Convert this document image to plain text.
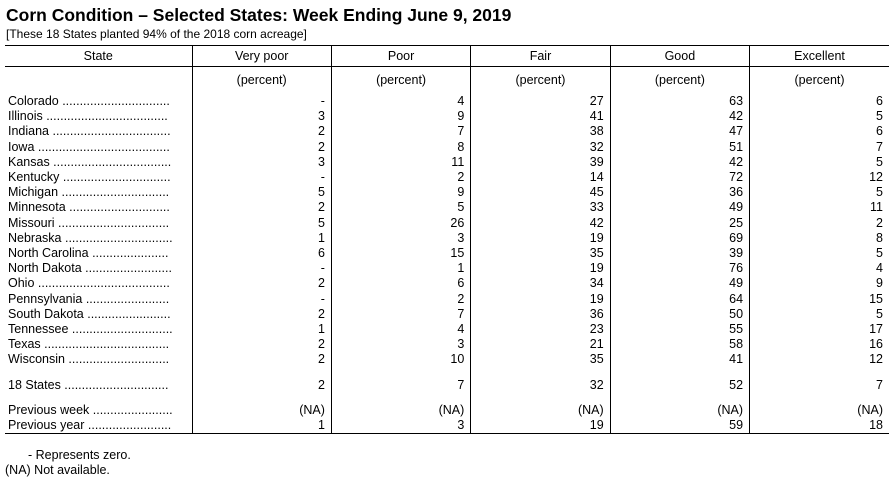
Corn Condition – Selected States: Week Ending June 9, 2019
[These 18 States planted 94% of the 2018 corn acreage]
State	Very poor	Poor	Fair	Good	Excellent
	(percent)	(percent)	(percent)	(percent)	(percent)
Colorado ...............................	-	4	27	63	6
Illinois ...................................	3	9	41	42	5
Indiana ..................................	2	7	38	47	6
Iowa ......................................	2	8	32	51	7
Kansas ..................................	3	11	39	42	5
Kentucky ...............................	-	2	14	72	12
Michigan ...............................	5	9	45	36	5
Minnesota .............................	2	5	33	49	11
Missouri ................................	5	26	42	25	2
Nebraska ...............................	1	3	19	69	8
North Carolina ......................	6	15	35	39	5
North Dakota .........................	-	1	19	76	4
Ohio ......................................	2	6	34	49	9
Pennsylvania ........................	-	2	19	64	15
South Dakota ........................	2	7	36	50	5
Tennessee .............................	1	4	23	55	17
Texas ....................................	2	3	21	58	16
Wisconsin .............................	2	10	35	41	12

18 States ..............................	2	7	32	52	7

Previous week .......................	(NA)	(NA)	(NA)	(NA)	(NA)
Previous year ........................	1	3	19	59	18
- Represents zero.
(NA) Not available.
